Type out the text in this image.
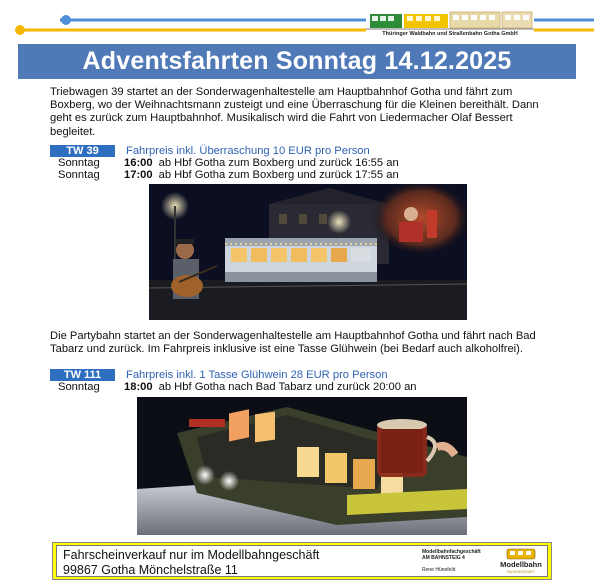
Thüringer Waldbahn und Straßenbahn Gotha GmbH
Adventsfahrten Sonntag 14.12.2025
Triebwagen 39 startet an der Sonderwagenhaltestelle am Hauptbahnhof Gotha und fährt zum Boxberg, wo der Weihnachtsmann zusteigt und eine Überraschung für die Kleinen bereithält. Dann geht es zurück zum Hauptbahnhof. Musikalisch wird die Fahrt von Liedermacher Olaf Bessert begleitet.
TW 39	Fahrpreis inkl. Überraschung 10 EUR pro Person
Sonntag 16:00 ab Hbf Gotha zum Boxberg und zurück 16:55 an
Sonntag 17:00 ab Hbf Gotha zum Boxberg und zurück 17:55 an
Die Partybahn startet an der Sonderwagenhaltestelle am Hauptbahnhof Gotha und fährt nach Bad Tabarz und zurück. Im Fahrpreis inklusive ist eine Tasse Glühwein (bei Bedarf auch alkoholfrei).
TW 111	Fahrpreis inkl. 1 Tasse Glühwein 28 EUR pro Person
Sonntag 18:00 ab Hbf Gotha nach Bad Tabarz und zurück 20:00 an
Fahrscheinverkauf nur im Modellbahngeschäft
99867 Gotha Mönchelstraße 11
Modellbahnfachgeschäft
AM BAHNSTEIG 4
Rene Hünefeld
Modellbahn
FACHGESCHÄFT
